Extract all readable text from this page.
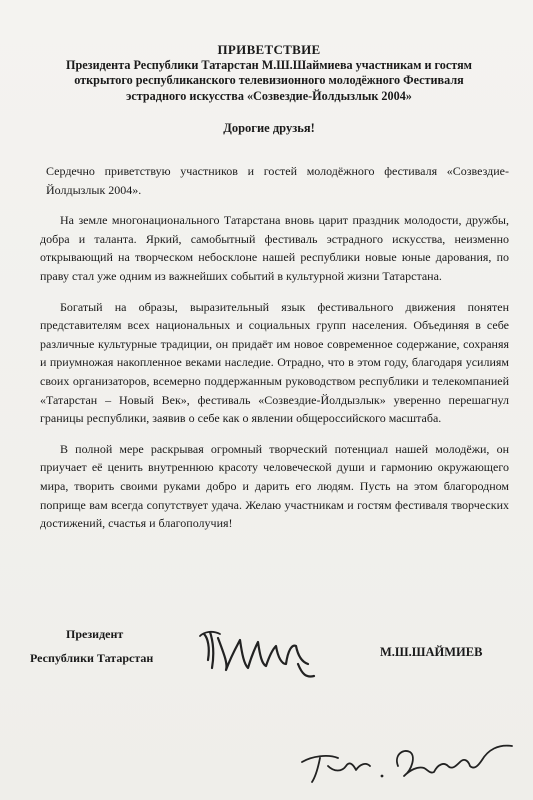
ПРИВЕТСТВИЕ
Президента Республики Татарстан М.Ш.Шаймиева участникам и гостям
открытого республиканского телевизионного молодёжного Фестиваля
эстрадного искусства «Созвездие-Йолдызлык 2004»
Дорогие друзья!

Сердечно приветствую участников и гостей молодёжного фестиваля «Созвездие-Йолдызлык 2004».

На земле многонационального Татарстана вновь царит праздник молодости, дружбы, добра и таланта. Яркий, самобытный фестиваль эстрадного искусства, неизменно открывающий на творческом небосклоне нашей республики новые юные дарования, по праву стал уже одним из важнейших событий в культурной жизни Татарстана.

Богатый на образы, выразительный язык фестивального движения понятен представителям всех национальных и социальных групп населения. Объединяя в себе различные культурные традиции, он придаёт им новое современное содержание, сохраняя и приумножая накопленное веками наследие. Отрадно, что в этом году, благодаря усилиям своих организаторов, всемерно поддержанным руководством республики и телекомпанией «Татарстан – Новый Век», фестиваль «Созвездие-Йолдызлык» уверенно перешагнул границы республики, заявив о себе как о явлении общероссийского масштаба.

В полной мере раскрывая огромный творческий потенциал нашей молодёжи, он приучает её ценить внутреннюю красоту человеческой души и гармонию окружающего мира, творить своими руками добро и дарить его людям. Пусть на этом благородном поприще вам всегда сопутствует удача. Желаю участникам и гостям фестиваля творческих достижений, счастья и благополучия!

Президент
Республики Татарстан	М.Ш.ШАЙМИЕВ
